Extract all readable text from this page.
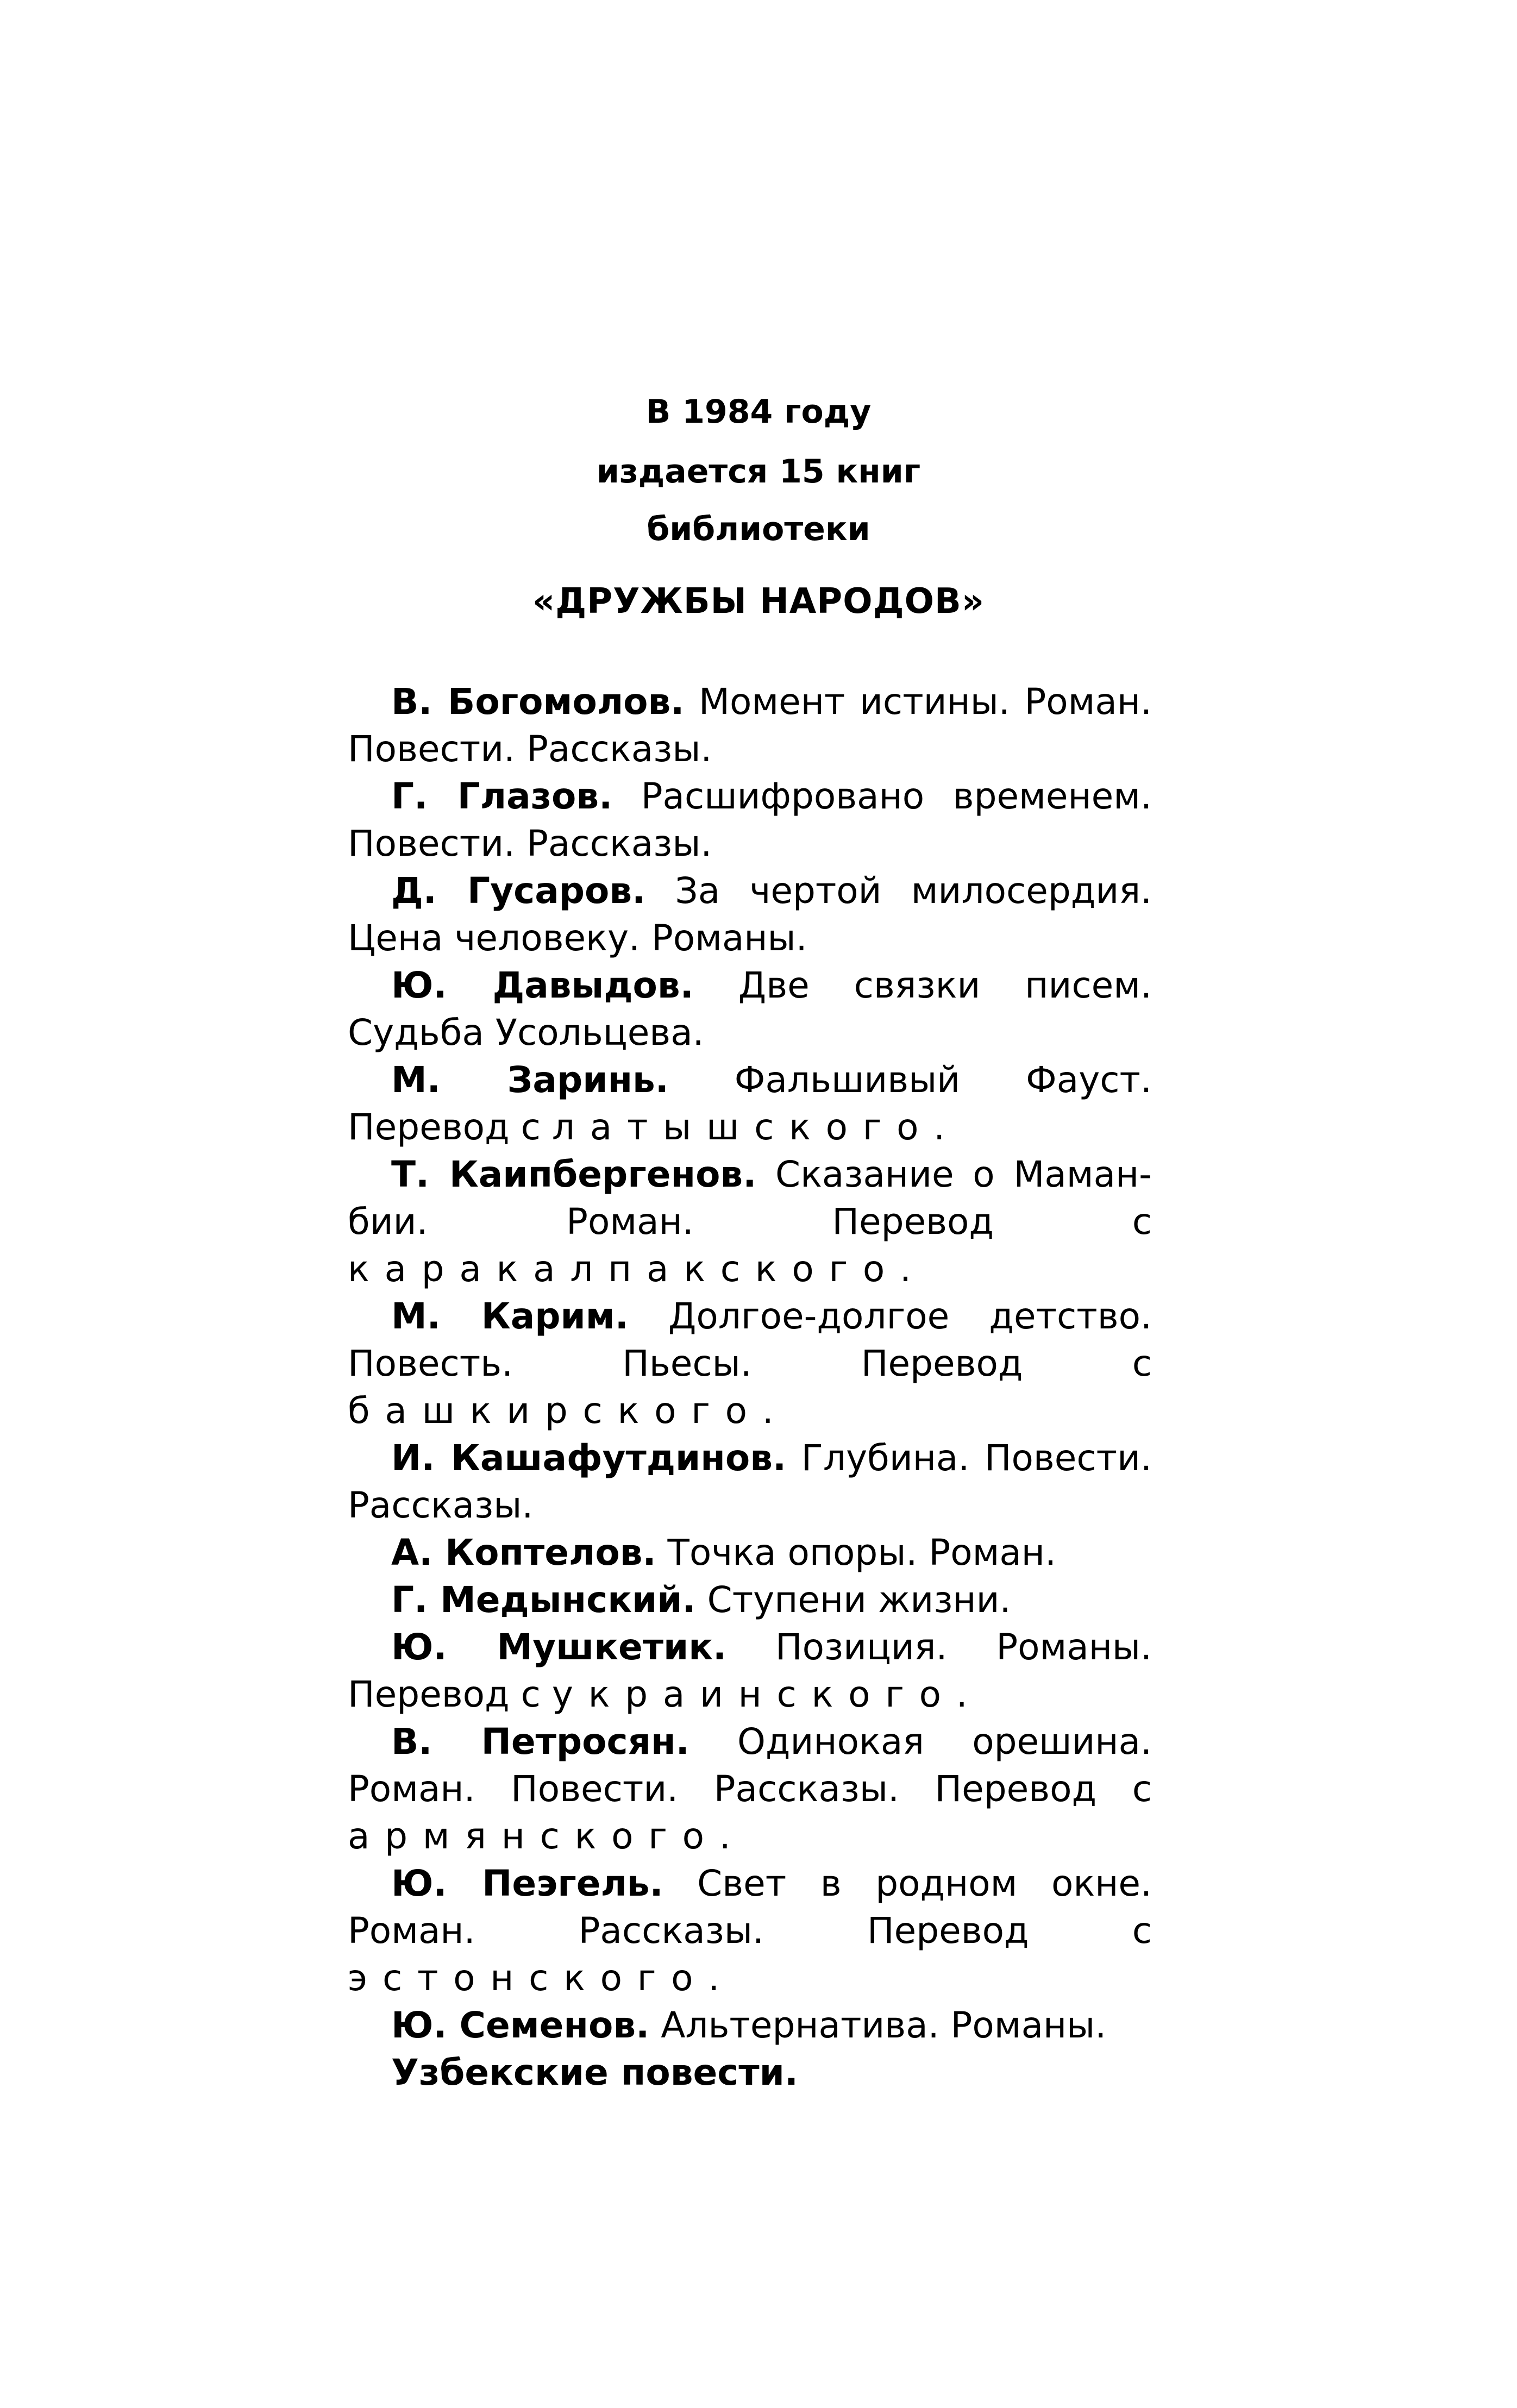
В 1984 году
издается 15 книг
библиотеки
«ДРУЖБЫ НАРОДОВ»

В. Богомолов. Момент истины. Роман. Повести. Рассказы.

Г. Глазов. Расшифровано временем. Повести. Рассказы.

Д. Гусаров. За чертой милосердия. Цена человеку. Романы.

Ю. Давыдов. Две связки писем. Судьба Усольцева.

М. Заринь. Фальшивый Фауст. Перевод с латышского.

Т. Каипбергенов. Сказание о Маман-бии. Роман. Перевод с каракалпакского.

М. Карим. Долгое-долгое детство. Повесть. Пьесы. Перевод с башкирского.

И. Кашафутдинов. Глубина. Повести. Рассказы.

А. Коптелов. Точка опоры. Роман.

Г. Медынский. Ступени жизни.

Ю. Мушкетик. Позиция. Романы. Перевод с украинского.

В. Петросян. Одинокая орешина. Роман. Повести. Рассказы. Перевод с армянского.

Ю. Пеэгель. Свет в родном окне. Роман. Рассказы. Перевод с эстонского.

Ю. Семенов. Альтернатива. Романы.

Узбекские повести.
